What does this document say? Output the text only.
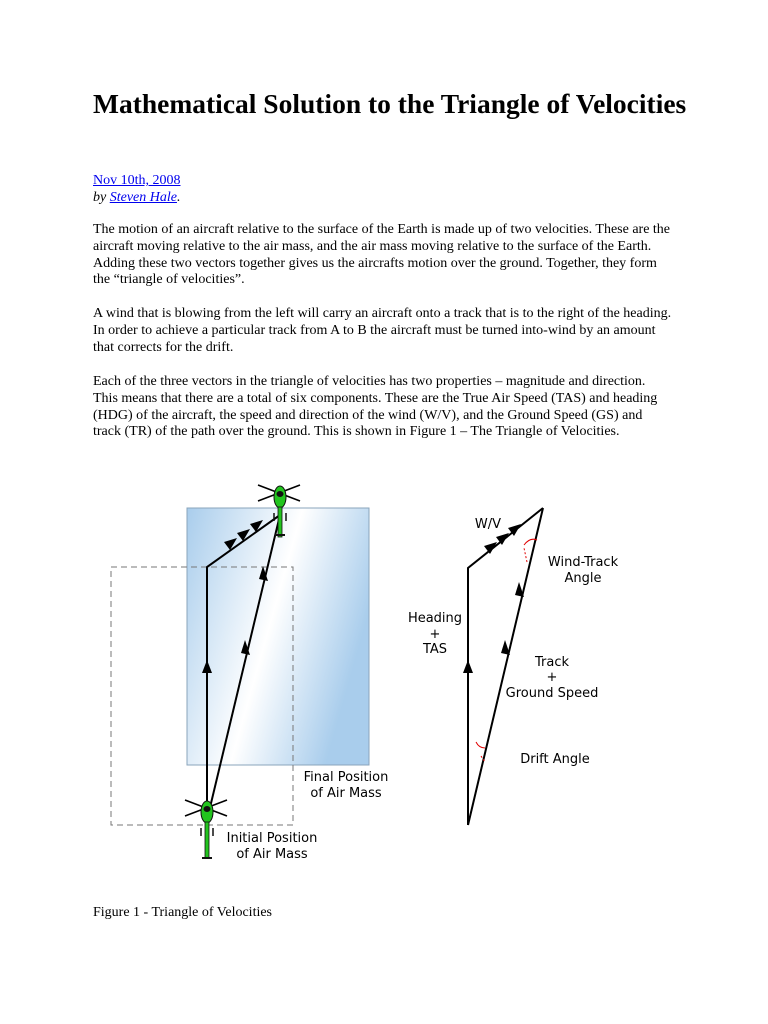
Mathematical Solution to the Triangle of Velocities
Nov 10th, 2008
by Steven Hale.

The motion of an aircraft relative to the surface of the Earth is made up of two velocities. These are the aircraft moving relative to the air mass, and the air mass moving relative to the surface of the Earth. Adding these two vectors together gives us the aircrafts motion over the ground. Together, they form the “triangle of velocities”.

A wind that is blowing from the left will carry an aircraft onto a track that is to the right of the heading. In order to achieve a particular track from A to B the aircraft must be turned into-wind by an amount that corrects for the drift.

Each of the three vectors in the triangle of velocities has two properties – magnitude and direction. This means that there are a total of six components. These are the True Air Speed (TAS) and heading (HDG) of the aircraft, the speed and direction of the wind (W/V), and the Ground Speed (GS) and track (TR) of the path over the ground. This is shown in Figure 1 – The Triangle of Velocities.

Final Position
of Air Mass
Initial Position
of Air Mass
W/V
Wind-Track
Angle
Heading
+
TAS
Track
+
Ground Speed
Drift Angle
Figure 1 - Triangle of Velocities
